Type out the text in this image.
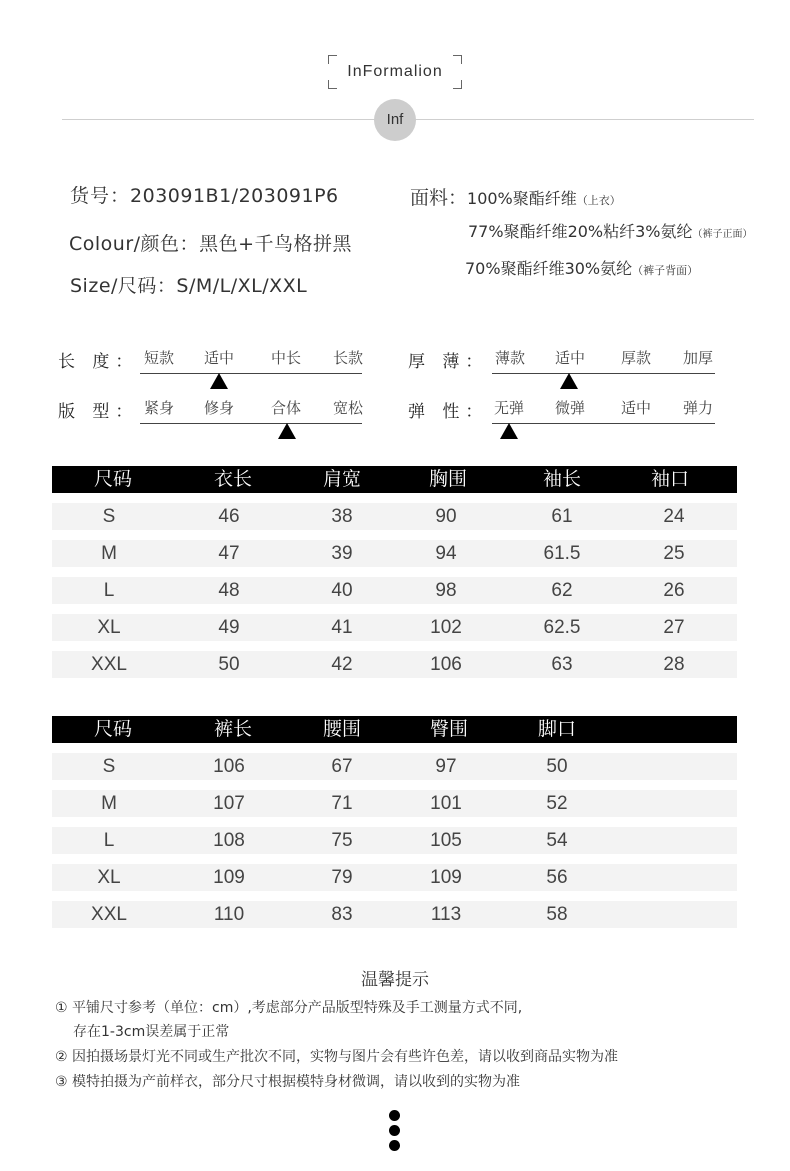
InFormalion
Inf
货号：203091B1/203091P6
Colour/颜色：黑色+千鸟格拼黑
Size/尺码：S/M/L/XL/XXL
面料：100%聚酯纤维（上衣）
77%聚酯纤维20%粘纤3%氨纶（裤子正面）
70%聚酯纤维30%氨纶（裤子背面）
长 度： 短款 适中 中长 长款	厚 薄： 薄款 适中 厚款 加厚
版 型： 紧身 修身 合体 宽松	弹 性： 无弹 微弹 适中 弹力
尺码	衣长	肩宽	胸围	袖长	袖口
S	46	38	90	61	24
M	47	39	94	61.5	25
L	48	40	98	62	26
XL	49	41	102	62.5	27
XXL	50	42	106	63	28
尺码	裤长	腰围	臀围	脚口
S	106	67	97	50
M	107	71	101	52
L	108	75	105	54
XL	109	79	109	56
XXL	110	83	113	58
温馨提示
① 平铺尺寸参考（单位：cm）,考虑部分产品版型特殊及手工测量方式不同,
存在1-3cm误差属于正常
② 因拍摄场景灯光不同或生产批次不同，实物与图片会有些许色差，请以收到商品实物为准
③ 模特拍摄为产前样衣，部分尺寸根据模特身材微调，请以收到的实物为准
